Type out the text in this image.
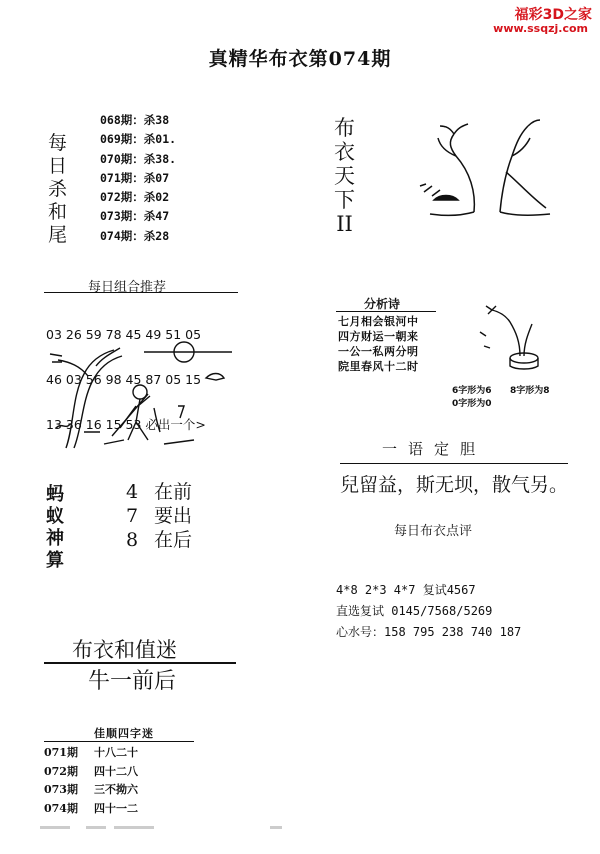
福彩3D之家
www.ssqzj.com
真精华布衣第074期
每
日
杀
和
尾
068期：杀38
069期：杀01.
070期：杀38.
071期：杀07
072期：杀02
073期：杀47
074期：杀28
每日组合推荐

03 26 59 78 45 49 51 05

46 03 56 98 45 87 05 15

13 36 16 15 53 必出一个>

蚂
蚁
神
算
4 在前
7 要出
8 在后
布衣和值迷
牛一前后
佳顺四字迷
071期 十八二十
072期 四十二八
073期 三不拗六
074期 四十一二
布
衣
天
下
II
分析诗
七月相会银河中
四方财运一朝来
一公一私两分明
院里春风十二时
6字形为6 8字形为8
0字形为0
一语定胆
兒留益，斯无坝，散气另。
每日布衣点评
4*8 2*3 4*7 复试4567
直选复试 0145/7568/5269
心水号：158 795 238 740 187
